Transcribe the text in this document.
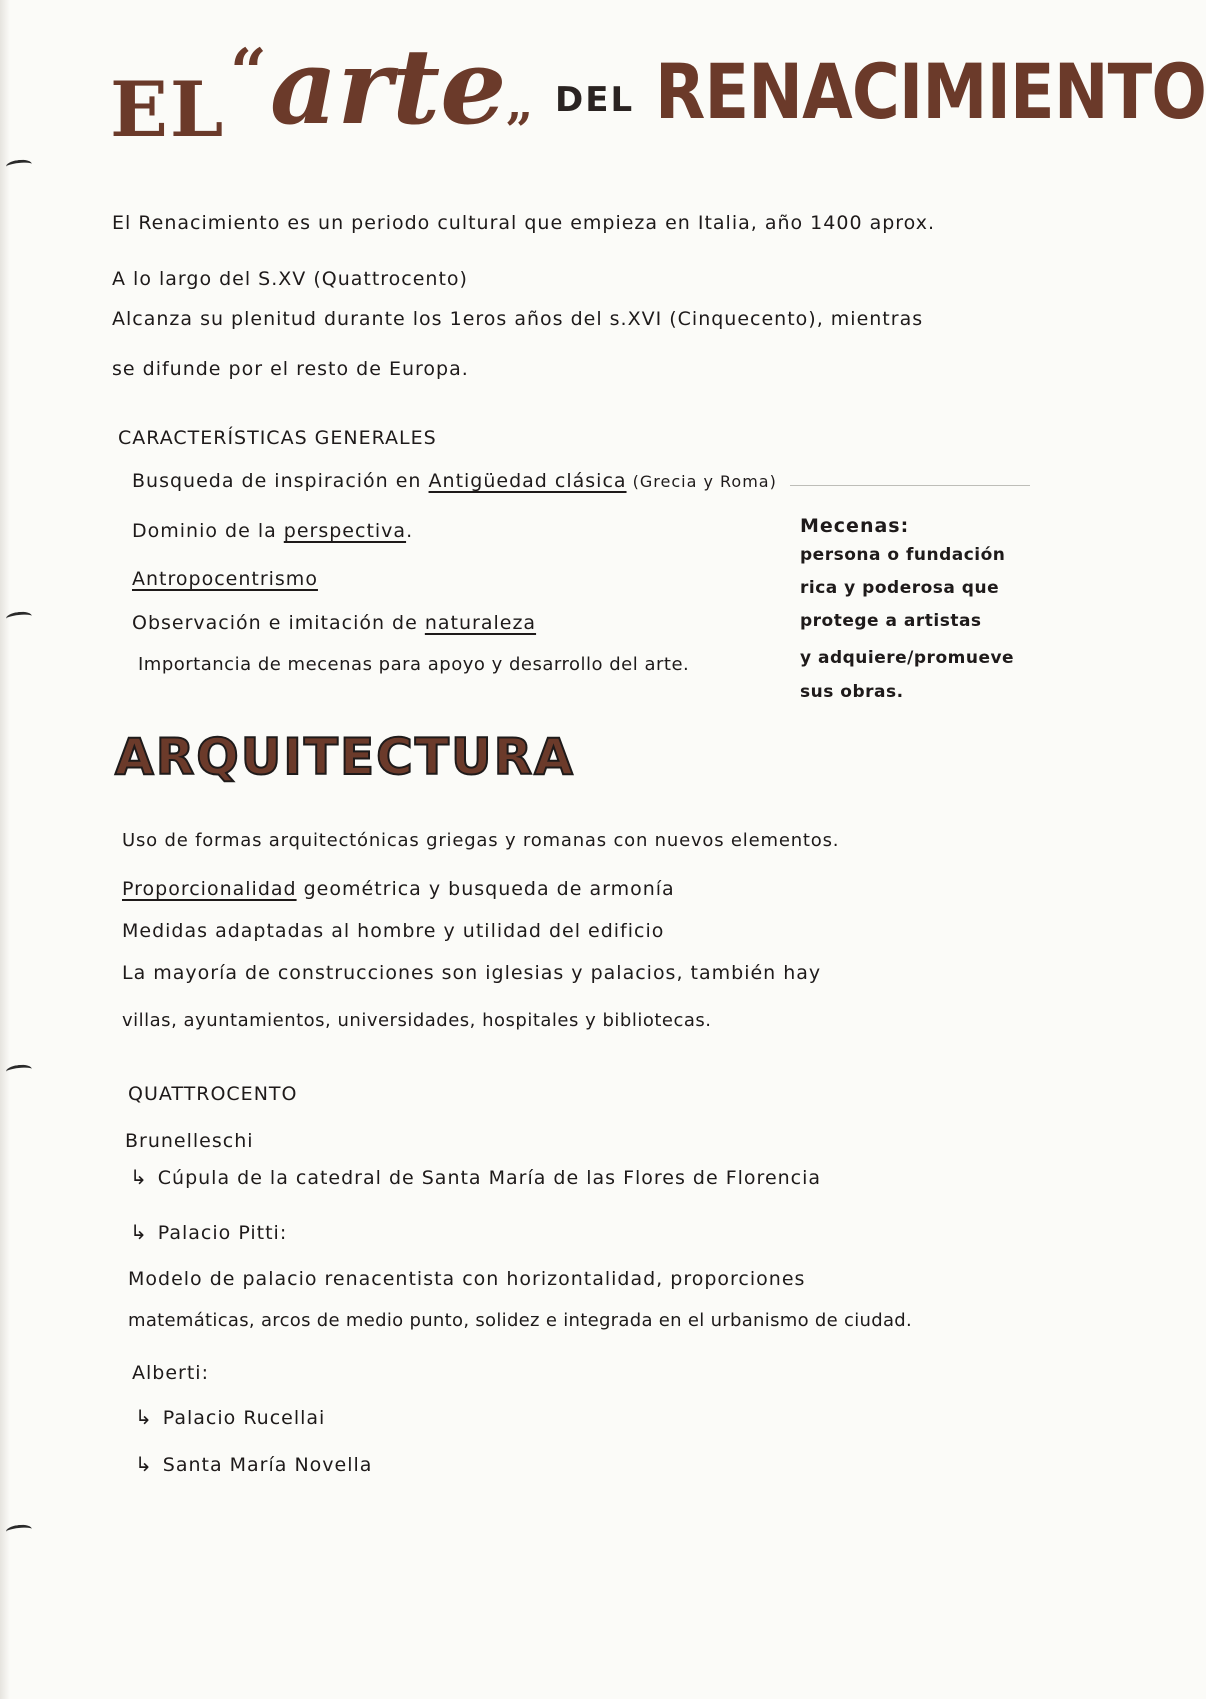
EL “ arte
”
DEL RENACIMIENTO
El Renacimiento es un periodo cultural que empieza en Italia, año 1400 aprox.
A lo largo del S.XV (Quattrocento)
Alcanza su plenitud durante los 1eros años del s.XVI (Cinquecento), mientras
se difunde por el resto de Europa.
CARACTERÍSTICAS GENERALES
Busqueda de inspiración en Antigüedad clásica (Grecia y Roma)
Dominio de la perspectiva.
Antropocentrismo
Observación e imitación de naturaleza
Importancia de mecenas para apoyo y desarrollo del arte.
Mecenas:
persona o fundación
rica y poderosa que
protege a artistas
y adquiere/promueve
sus obras.
ARQUITECTURA
Uso de formas arquitectónicas griegas y romanas con nuevos elementos.
Proporcionalidad geométrica y busqueda de armonía
Medidas adaptadas al hombre y utilidad del edificio
La mayoría de construcciones son iglesias y palacios, también hay
villas, ayuntamientos, universidades, hospitales y bibliotecas.
QUATTROCENTO
Brunelleschi
↳ Cúpula de la catedral de Santa María de las Flores de Florencia
↳ Palacio Pitti:
Modelo de palacio renacentista con horizontalidad, proporciones
matemáticas, arcos de medio punto, solidez e integrada en el urbanismo de ciudad.
Alberti:
↳ Palacio Rucellai
↳ Santa María Novella
